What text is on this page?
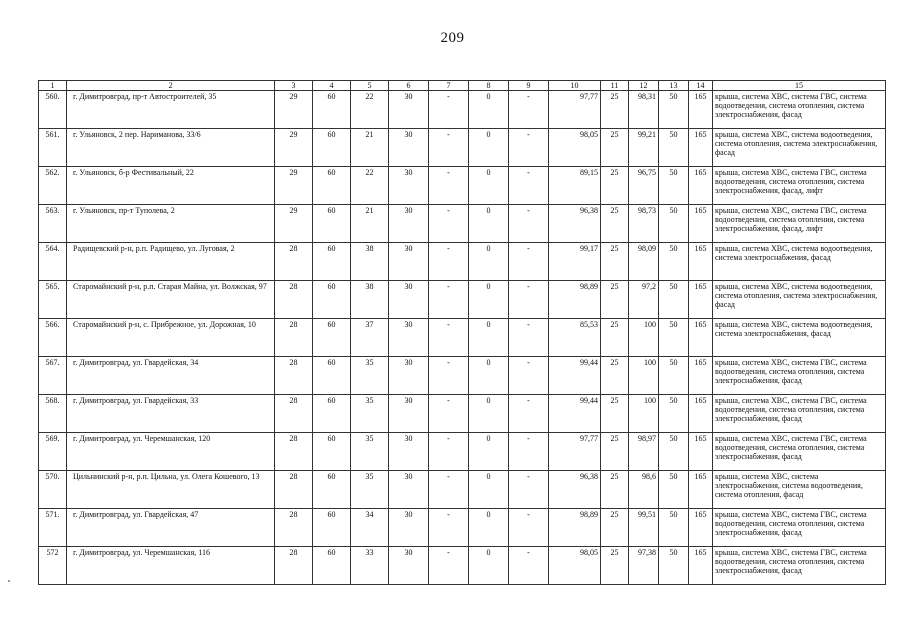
209
1	2	3	4	5	6	7	8	9	10	11	12	13	14	15
560.	г. Димитровград, пр-т Автостроителей, 35	29	60	22	30	-	0	-	97,77	25	98,31	50	165	крыша, система ХВС, система ГВС, система водоотведения, система отопления, система электроснабжения, фасад
561.	г. Ульяновск, 2 пер. Нариманова, 33/6	29	60	21	30	-	0	-	98,05	25	99,21	50	165	крыша, система ХВС, система водоотведения, система отопления, система электроснабжения, фасад
562.	г. Ульяновск, б-р Фестивальный, 22	29	60	22	30	-	0	-	89,15	25	96,75	50	165	крыша, система ХВС, система ГВС, система водоотведения, система отопления, система электроснабжения, фасад, лифт
563.	г. Ульяновск, пр-т Туполева, 2	29	60	21	30	-	0	-	96,38	25	98,73	50	165	крыша, система ХВС, система ГВС, система водоотведения, система отопления, система электроснабжения, фасад, лифт
564.	Радищевский р-н, р.п. Радищево, ул. Луговая, 2	28	60	38	30	-	0	-	99,17	25	98,09	50	165	крыша, система ХВС, система водоотведения, система электроснабжения, фасад
565.	Старомайнский р-н, р.п. Старая Майна, ул. Волжская, 97	28	60	38	30	-	0	-	98,89	25	97,2	50	165	крыша, система ХВС, система водоотведения, система отопления, система электроснабжения, фасад
566.	Старомайнский р-н, с. Прибрежное, ул. Дорожная, 10	28	60	37	30	-	0	-	85,53	25	100	50	165	крыша, система ХВС, система водоотведения, система электроснабжения, фасад
567.	г. Димитровград, ул. Гвардейская, 34	28	60	35	30	-	0	-	99,44	25	100	50	165	крыша, система ХВС, система ГВС, система водоотведения, система отопления, система электроснабжения, фасад
568.	г. Димитровград, ул. Гвардейская, 33	28	60	35	30	-	0	-	99,44	25	100	50	165	крыша, система ХВС, система ГВС, система водоотведения, система отопления, система электроснабжения, фасад
569.	г. Димитровград, ул. Черемшанская, 120	28	60	35	30	-	0	-	97,77	25	98,97	50	165	крыша, система ХВС, система ГВС, система водоотведения, система отопления, система электроснабжения, фасад
570.	Цильнинский р-н, р.п. Цильна, ул. Олега Кошевого, 13	28	60	35	30	-	0	-	96,38	25	98,6	50	165	крыша, система ХВС, система электроснабжения, система водоотведения, система отопления, фасад
571.	г. Димитровград, ул. Гвардейская, 47	28	60	34	30	-	0	-	98,89	25	99,51	50	165	крыша, система ХВС, система ГВС, система водоотведения, система отопления, система электроснабжения, фасад
572	г. Димитровград, ул. Черемшанская, 116	28	60	33	30	-	0	-	98,05	25	97,38	50	165	крыша, система ХВС, система ГВС, система водоотведения, система отопления, система электроснабжения, фасад
